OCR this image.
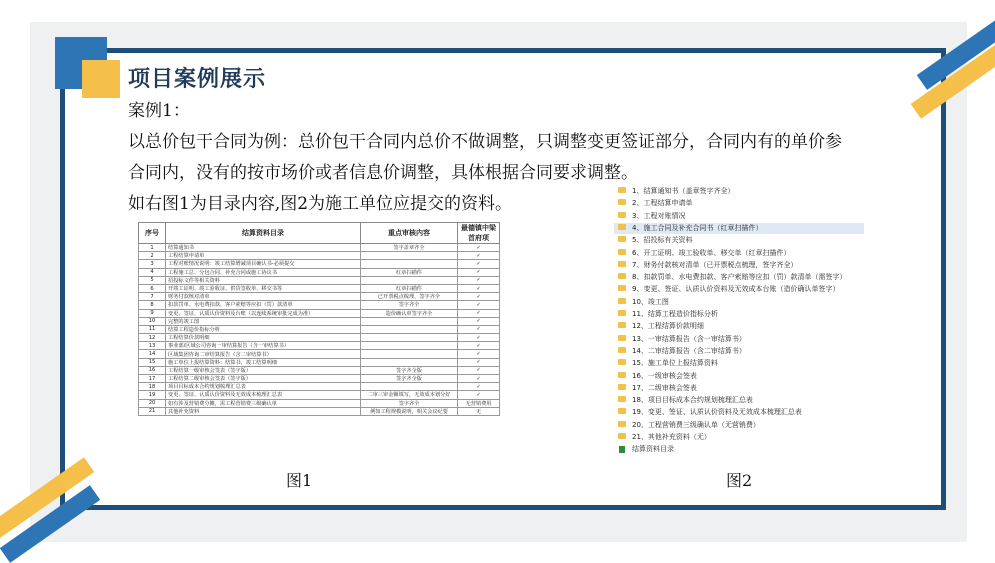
项目案例展示
案例1：
以总价包干合同为例：总价包干合同内总价不做调整，只调整变更签证部分，合同内有的单价参
合同内，没有的按市场价或者信息价调整，具体根据合同要求调整。
如右图1为目录内容,图2为施工单位应提交的资料。
序号	结算资料目录	重点审核内容	最德镇中梁首府项
1	结算通知书	签字盖章齐全	✓
2	工程结算申请单		✓
3	工程对账情况说明：竣工结算增减项目确认书-必须提交		✓
4	工程施工总、分包合同、补充合同或施工协议书	红章扫描件	✓
5	招投标文件等相关资料		✓
6	开竣工证明、竣工验收证、供货签收单、移交书等	红章扫描件	✓
7	财务付款核对清单	已开票税点梳理，签字齐全	✓
8	扣款罚单、水电费扣款、客户索赔等应扣（罚）款清单	签字齐全	✓
9	变更、签证、认质认价资料及台账（以连续系统审批完成为准）	造价确认单签字齐全	✓
10	完整的竣工图		✓
11	结算工程造价指标分析		✓
12	工程结算价款明细		✓
13	事业部/区域公司咨询一审结算报告（含一审结算书）		✓
14	区域集团咨询二审结算报告（含二审结算书）		✓
15	施工单位上报结算资料：结算书、竣工结算明细		✓
16	工程结算一级审核会签表（签字版）	签字齐全版	✓
17	工程结算二级审核会签表（签字版）	签字齐全版	✓
18	项目目标成本合约规划梳理汇总表		✓
19	变更、签证、认质认价资料及无效成本梳理汇总表	二审三审金额填写，无效成本划分好	✓
20	如有涉及营销费分摊，需工程营销费三级确认单	签字齐全	无营销费用
21	其他补充资料	例如工程规模说明，相关会议纪要	无
图1
1、结算通知书（盖章签字齐全）
2、工程结算申请单
3、工程对账情况
4、施工合同及补充合同书（红章扫描件）
5、招投标有关资料
6、开工证明、竣工验收单、移交单（红章扫描件）
7、财务付款核对清单（已开票税点梳理，签字齐全）
8、扣款罚单、水电费扣款、客户索赔等应扣（罚）款清单（需签字）
9、变更、签证、认质认价资料及无效成本台账（造价确认单签字）
10、竣工图
11、结算工程造价指标分析
12、工程结算价款明细
13、一审结算报告（含一审结算书）
14、二审结算报告（含二审结算书）
15、施工单位上报结算资料
16、一级审核会签表
17、二级审核会签表
18、项目目标成本合约规划梳理汇总表
19、变更、签证、认质认价资料及无效成本梳理汇总表
20、工程营销费三级确认单（无营销费）
21、其他补充资料（无）
结算资料目录
图2
